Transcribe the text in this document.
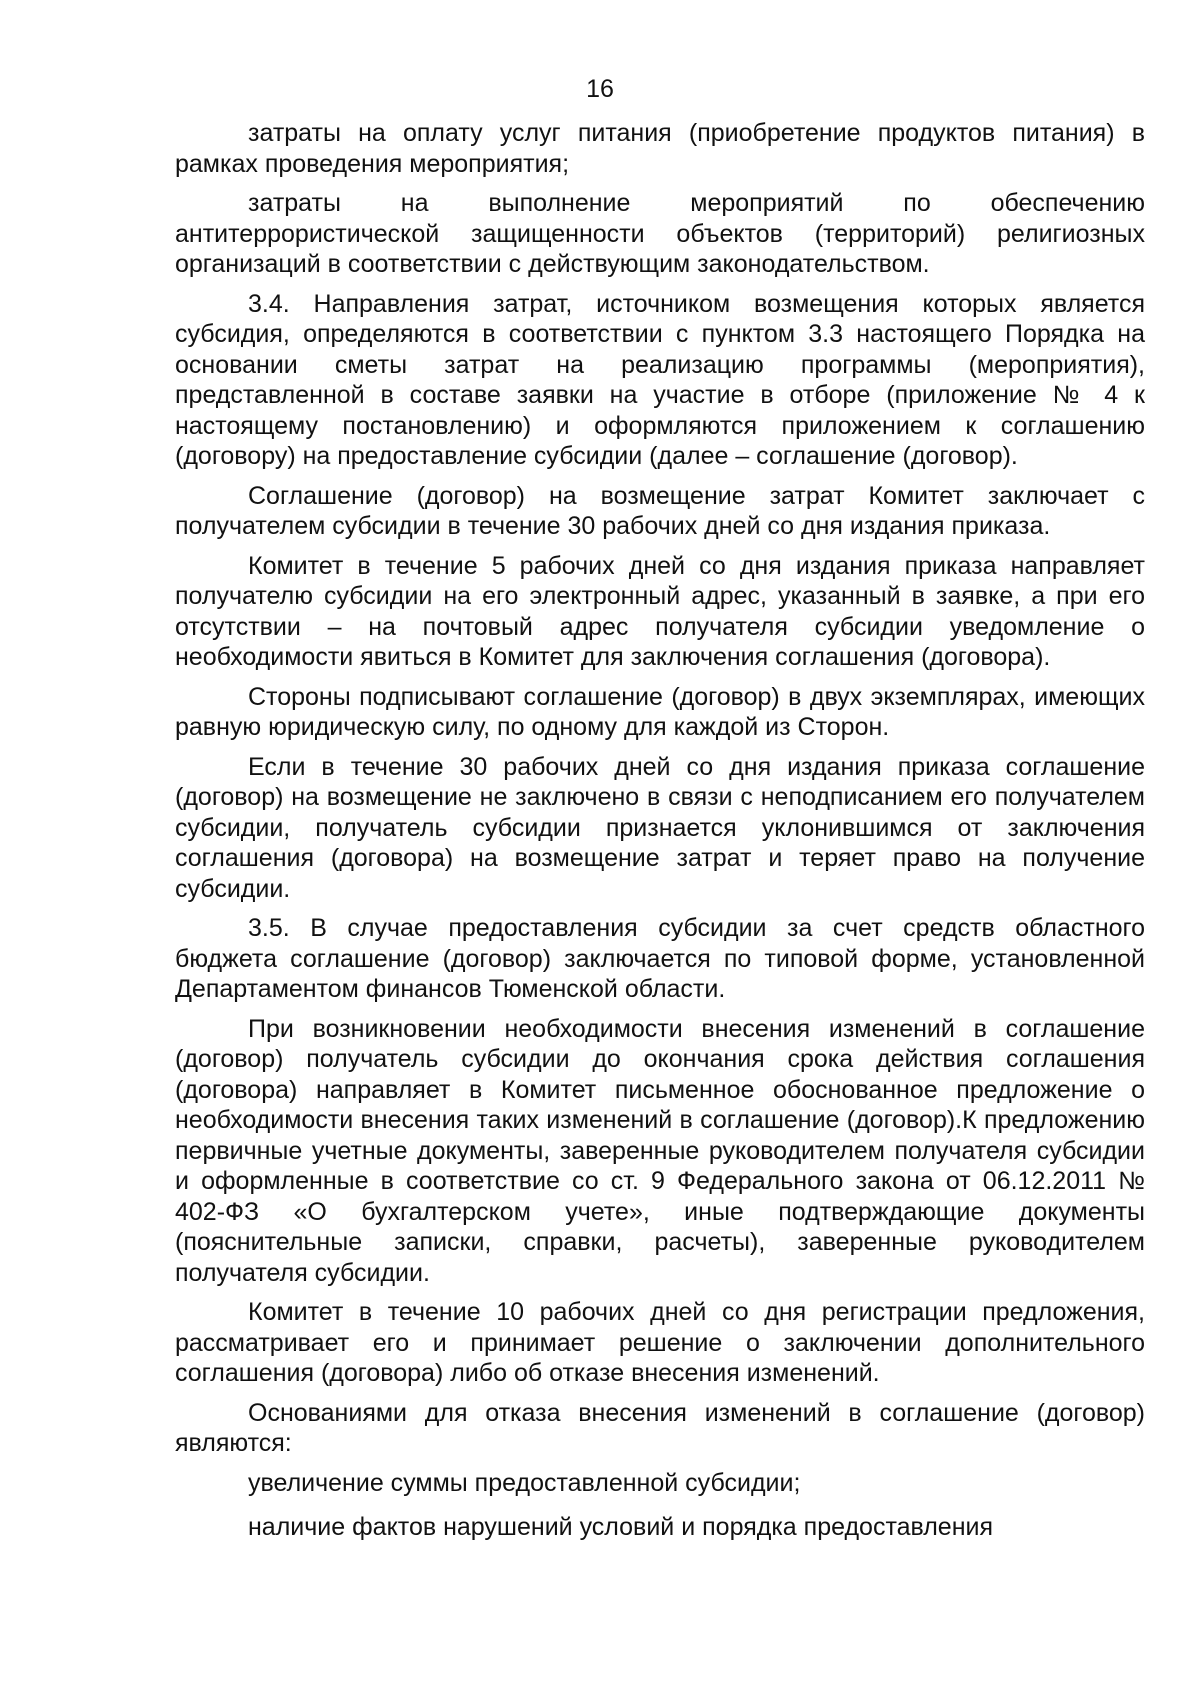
16

затраты на оплату услуг питания (приобретение продуктов питания) в рамках проведения мероприятия;

затраты на выполнение мероприятий по обеспечению антитеррористической защищенности объектов (территорий) религиозных организаций в соответствии с действующим законодательством.

3.4. Направления затрат, источником возмещения которых является субсидия, определяются в соответствии с пунктом 3.3 настоящего Порядка на основании сметы затрат на реализацию программы (мероприятия), представленной в составе заявки на участие в отборе (приложение № 4 к настоящему постановлению) и оформляются приложением к соглашению (договору) на предоставление субсидии (далее – соглашение (договор).

Соглашение (договор) на возмещение затрат Комитет заключает с получателем субсидии в течение 30 рабочих дней со дня издания приказа.

Комитет в течение 5 рабочих дней со дня издания приказа направляет получателю субсидии на его электронный адрес, указанный в заявке, а при его отсутствии – на почтовый адрес получателя субсидии уведомление о необходимости явиться в Комитет для заключения соглашения (договора).

Стороны подписывают соглашение (договор) в двух экземплярах, имеющих равную юридическую силу, по одному для каждой из Сторон.

Если в течение 30 рабочих дней со дня издания приказа соглашение (договор) на возмещение не заключено в связи с неподписанием его получателем субсидии, получатель субсидии признается уклонившимся от заключения соглашения (договора) на возмещение затрат и теряет право на получение субсидии.

3.5. В случае предоставления субсидии за счет средств областного бюджета соглашение (договор) заключается по типовой форме, установленной Департаментом финансов Тюменской области.

При возникновении необходимости внесения изменений в соглашение (договор) получатель субсидии до окончания срока действия соглашения (договора) направляет в Комитет письменное обоснованное предложение о необходимости внесения таких изменений в соглашение (договор).К предложению первичные учетные документы, заверенные руководителем получателя субсидии и оформленные в соответствие со ст. 9 Федерального закона от 06.12.2011 № 402-ФЗ «О бухгалтерском учете», иные подтверждающие документы (пояснительные записки, справки, расчеты), заверенные руководителем получателя субсидии.

Комитет в течение 10 рабочих дней со дня регистрации предложения, рассматривает его и принимает решение о заключении дополнительного соглашения (договора) либо об отказе внесения изменений.

Основаниями для отказа внесения изменений в соглашение (договор) являются:

увеличение суммы предоставленной субсидии;

наличие фактов нарушений условий и порядка предоставления
